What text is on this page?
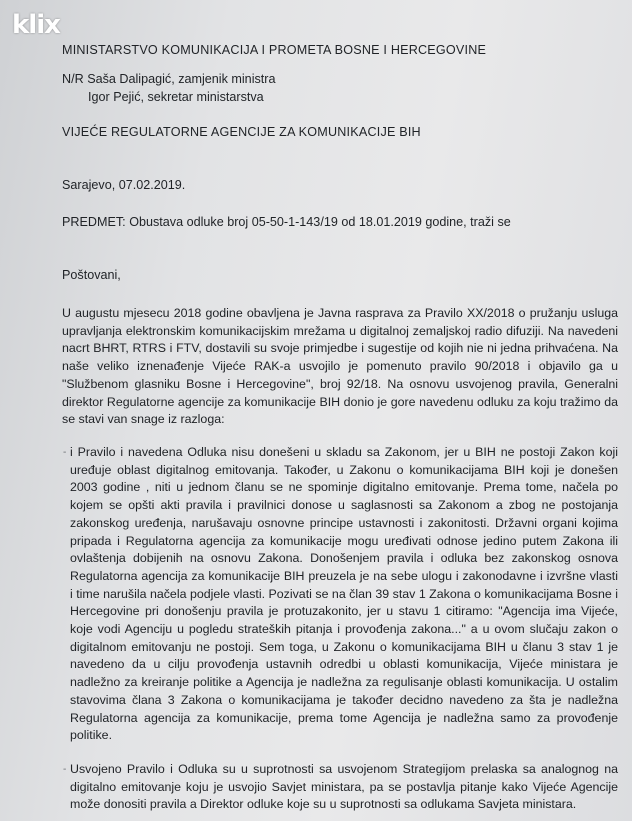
klix
MINISTARSTVO KOMUNIKACIJA I PROMETA BOSNE I HERCEGOVINE
N/R Saša Dalipagić, zamjenik ministra
Igor Pejić, sekretar ministarstva
VIJEĆE REGULATORNE AGENCIJE ZA KOMUNIKACIJE BIH
Sarajevo, 07.02.2019.
PREDMET: Obustava odluke broj 05-50-1-143/19 od 18.01.2019 godine, traži se
Poštovani,
U augustu mjesecu 2018 godine obavljena je Javna rasprava za Pravilo XX/2018 o pružanju usluga upravljanja elektronskim komunikacijskim mrežama u digitalnoj zemaljskoj radio difuziji. Na navedeni nacrt BHRT, RTRS i FTV, dostavili su svoje primjedbe i sugestije od kojih nie ni jedna prihvaćena. Na naše veliko iznenađenje Vijeće RAK-a usvojilo je pomenuto pravilo 90/2018 i objavilo ga u "Službenom glasniku Bosne i Hercegovine", broj 92/18. Na osnovu usvojenog pravila, Generalni direktor Regulatorne agencije za komunikacije BIH donio je gore navedenu odluku za koju tražimo da se stavi van snage iz razloga:
- i Pravilo i navedena Odluka nisu donešeni u skladu sa Zakonom, jer u BIH ne postoji Zakon koji uređuje oblast digitalnog emitovanja. Također, u Zakonu o komunikacijama BIH koji je donešen 2003 godine , niti u jednom članu se ne spominje digitalno emitovanje. Prema tome, načela po kojem se opšti akti pravila i pravilnici donose u saglasnosti sa Zakonom a zbog ne postojanja zakonskog uređenja, narušavaju osnovne principe ustavnosti i zakonitosti. Državni organi kojima pripada i Regulatorna agencija za komunikacije mogu uređivati odnose jedino putem Zakona ili ovlaštenja dobijenih na osnovu Zakona. Donošenjem pravila i odluka bez zakonskog osnova Regulatorna agencija za komunikacije BIH preuzela je na sebe ulogu i zakonodavne i izvršne vlasti i time narušila načela podjele vlasti. Pozivati se na član 39 stav 1 Zakona o komunikacijama Bosne i Hercegovine pri donošenju pravila je protuzakonito, jer u stavu 1 citiramo: "Agencija ima Vijeće, koje vodi Agenciju u pogledu strateških pitanja i provođenja zakona..." a u ovom slučaju zakon o digitalnom emitovanju ne postoji. Sem toga, u Zakonu o komunikacijama BIH u članu 3 stav 1 je navedeno da u cilju provođenja ustavnih odredbi u oblasti komunikacija, Vijeće ministara je nadležno za kreiranje politike a Agencija je nadležna za regulisanje oblasti komunikacija. U ostalim stavovima člana 3 Zakona o komunikacijama je također decidno navedeno za šta je nadležna Regulatorna agencija za komunikacije, prema tome Agencija je nadležna samo za provođenje politike.
- Usvojeno Pravilo i Odluka su u suprotnosti sa usvojenom Strategijom prelaska sa analognog na digitalno emitovanje koju je usvojio Savjet ministara, pa se postavlja pitanje kako Vijeće Agencije može donositi pravila a Direktor odluke koje su u suprotnosti sa odlukama Savjeta ministara.
